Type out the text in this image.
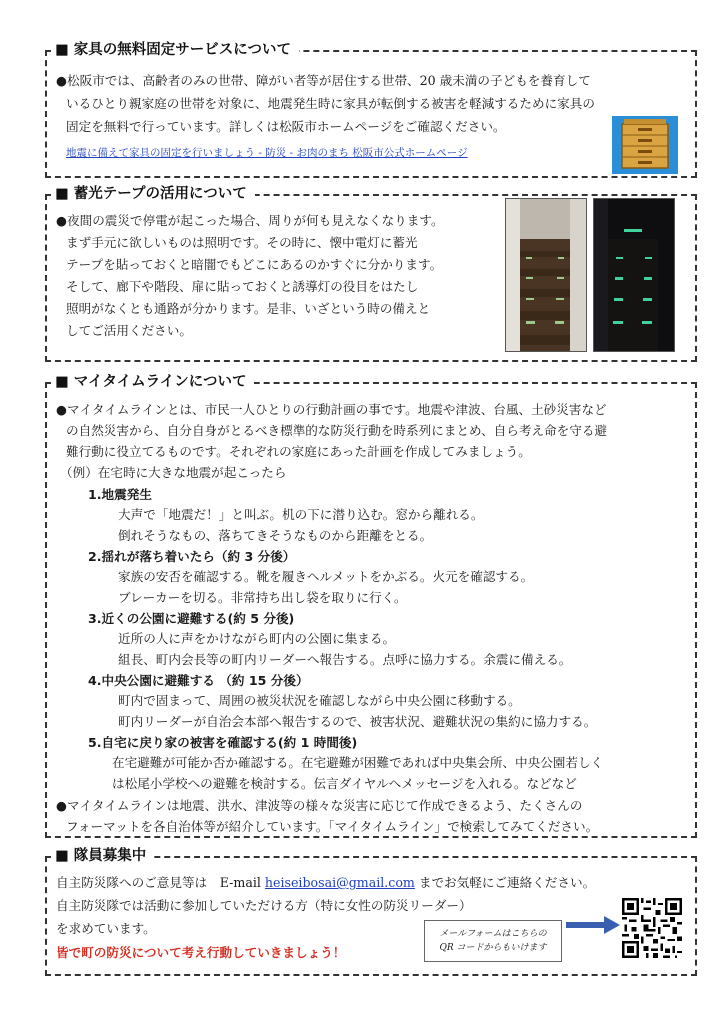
■ 家具の無料固定サービスについて
●松阪市では、高齢者のみの世帯、障がい者等が居住する世帯、20 歳未満の子どもを養育して
いるひとり親家庭の世帯を対象に、地震発生時に家具が転倒する被害を軽減するために家具の
固定を無料で行っています。詳しくは松阪市ホームページをご確認ください。
地震に備えて家具の固定を行いましょう - 防災 - お肉のまち 松阪市公式ホームページ
■ 蓄光テープの活用について
●夜間の震災で停電が起こった場合、周りが何も見えなくなります。
まず手元に欲しいものは照明です。その時に、懐中電灯に蓄光
テープを貼っておくと暗闇でもどこにあるのかすぐに分かります。
そして、廊下や階段、扉に貼っておくと誘導灯の役目をはたし
照明がなくとも通路が分かります。是非、いざという時の備えと
してご活用ください。
■ マイタイムラインについて
●マイタイムラインとは、市民一人ひとりの行動計画の事です。地震や津波、台風、土砂災害など
の自然災害から、自分自身がとるべき標準的な防災行動を時系列にまとめ、自ら考え命を守る避
難行動に役立てるものです。それぞれの家庭にあった計画を作成してみましょう。
（例）在宅時に大きな地震が起こったら
1.地震発生
大声で「地震だ！」と叫ぶ。机の下に潜り込む。窓から離れる。
倒れそうなもの、落ちてきそうなものから距離をとる。
2.揺れが落ち着いたら（約 3 分後）
家族の安否を確認する。靴を履きヘルメットをかぶる。火元を確認する。
ブレーカーを切る。非常持ち出し袋を取りに行く。
3.近くの公園に避難する(約 5 分後)
近所の人に声をかけながら町内の公園に集まる。
組長、町内会長等の町内リーダーへ報告する。点呼に協力する。余震に備える。
4.中央公園に避難する （約 15 分後）
町内で固まって、周囲の被災状況を確認しながら中央公園に移動する。
町内リーダーが自治会本部へ報告するので、被害状況、避難状況の集約に協力する。
5.自宅に戻り家の被害を確認する(約 1 時間後)
在宅避難が可能か否か確認する。在宅避難が困難であれば中央集会所、中央公園若しく
は松尾小学校への避難を検討する。伝言ダイヤルへメッセージを入れる。などなど
●マイタイムラインは地震、洪水、津波等の様々な災害に応じて作成できるよう、たくさんの
フォーマットを各自治体等が紹介しています。「マイタイムライン」で検索してみてください。
■ 隊員募集中
自主防災隊へのご意見等は　E-mail heiseibosai@gmail.com までお気軽にご連絡ください。
自主防災隊では活動に参加していただける方（特に女性の防災リーダー）
を求めています。
皆で町の防災について考え行動していきましょう！
メールフォームはこちらの
QR コードからもいけます
